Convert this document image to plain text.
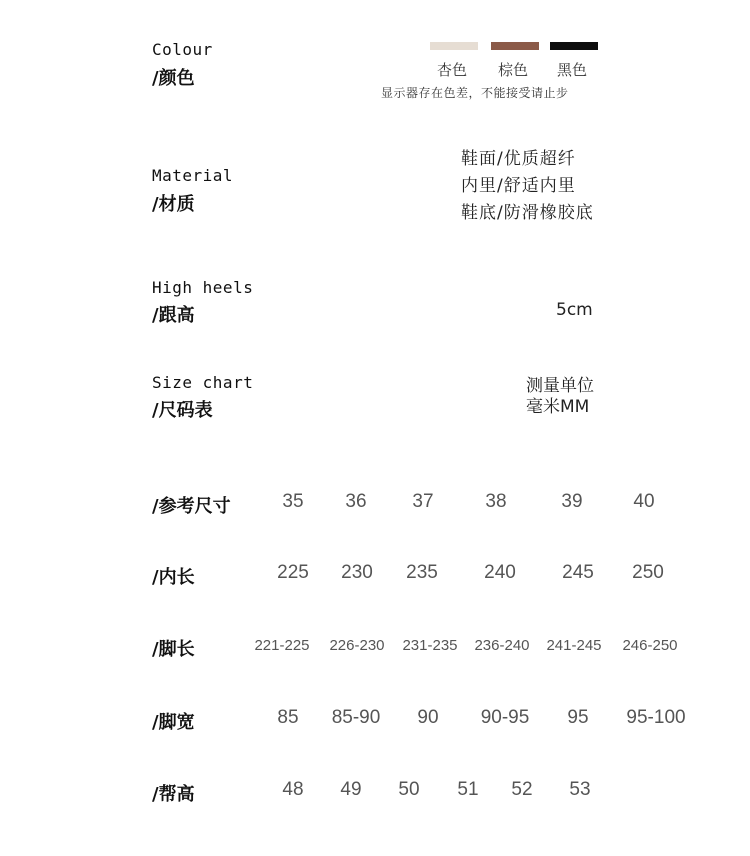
Colour
/颜色	杏色 棕色 黑色
显示器存在色差，不能接受请止步
Material
/材质
鞋面/优质超纤
内里/舒适内里
鞋底/防滑橡胶底
High heels
/跟高	5cm
Size chart
/尺码表
测量单位
毫米MM
/参考尺寸	35 36 37	38	39	40
/内长	225 230 235 240 245 250
/脚长	221-225 226-230 231-235 236-240 241-245 246-250
/脚宽	85 85-90 90 90-95 95 95-100
/帮高	48 49 50 51 52 53
